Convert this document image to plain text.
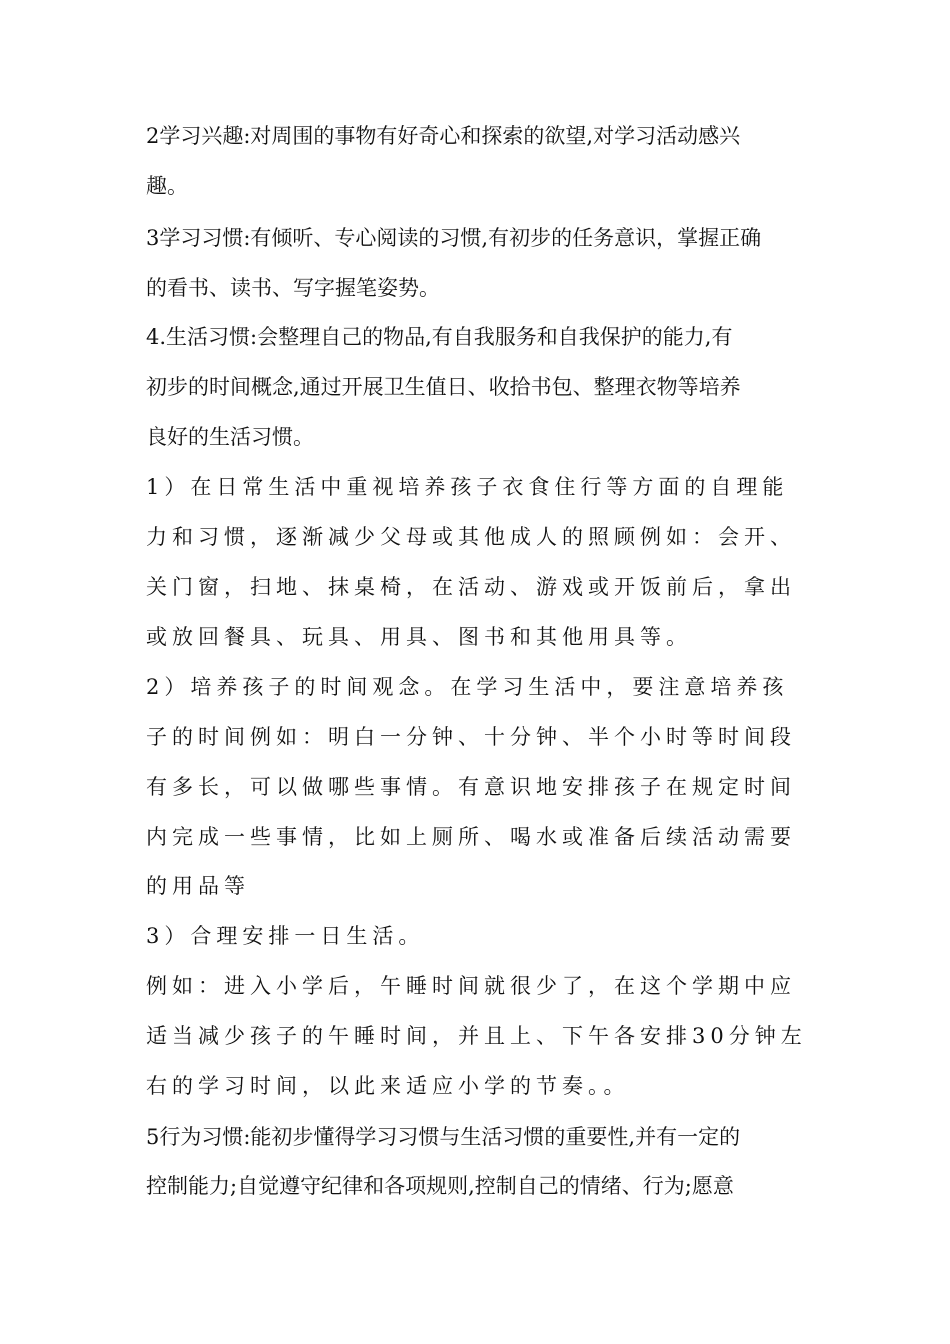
2学习兴趣:对周围的事物有好奇心和探索的欲望,对学习活动感兴
趣。
3学习习惯:有倾听、专心阅读的习惯,有初步的任务意识，掌握正确
的看书、读书、写字握笔姿势。
4.生活习惯:会整理自己的物品,有自我服务和自我保护的能力,有
初步的时间概念,通过开展卫生值日、收拾书包、整理衣物等培养
良好的生活习惯。
1）在日常生活中重视培养孩子衣食住行等方面的自理能
力和习惯，逐渐减少父母或其他成人的照顾例如：会开、
关门窗，扫地、抹桌椅，在活动、游戏或开饭前后，拿出
或放回餐具、玩具、用具、图书和其他用具等。
2）培养孩子的时间观念。在学习生活中，要注意培养孩
子的时间例如：明白一分钟、十分钟、半个小时等时间段
有多长，可以做哪些事情。有意识地安排孩子在规定时间
内完成一些事情，比如上厕所、喝水或准备后续活动需要
的用品等
3）合理安排一日生活。
例如：进入小学后，午睡时间就很少了，在这个学期中应
适当减少孩子的午睡时间，并且上、下午各安排30分钟左
右的学习时间，以此来适应小学的节奏。。
5行为习惯:能初步懂得学习习惯与生活习惯的重要性,并有一定的
控制能力;自觉遵守纪律和各项规则,控制自己的情绪、行为;愿意
